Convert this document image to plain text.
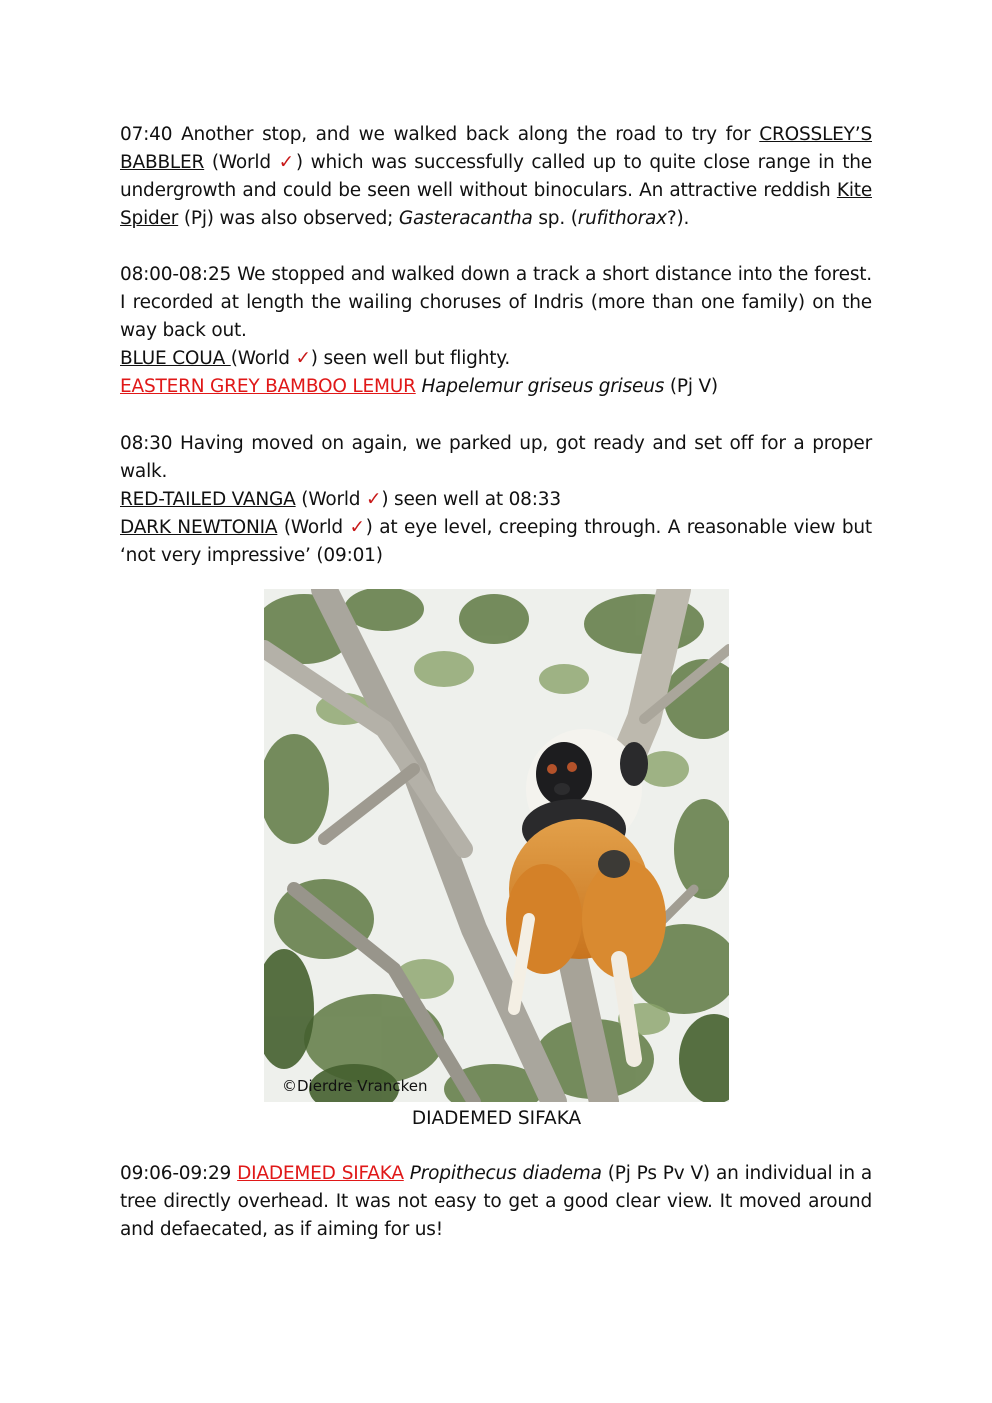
07:40 Another stop, and we walked back along the road to try for CROSSLEY’S BABBLER (World ✓) which was successfully called up to quite close range in the undergrowth and could be seen well without binoculars. An attractive reddish Kite Spider (Pj) was also observed; Gasteracantha sp. (rufithorax?).

08:00-08:25 We stopped and walked down a track a short distance into the forest. I recorded at length the wailing choruses of Indris (more than one family) on the way back out.

BLUE COUA (World ✓) seen well but flighty.

EASTERN GREY BAMBOO LEMUR Hapelemur griseus griseus (Pj V)

08:30 Having moved on again, we parked up, got ready and set off for a proper walk.

RED-TAILED VANGA (World ✓) seen well at 08:33

DARK NEWTONIA (World ✓) at eye level, creeping through. A reasonable view but ‘not very impressive’ (09:01)

©Dierdre Vrancken
DIADEMED SIFAKA

09:06-09:29 DIADEMED SIFAKA Propithecus diadema (Pj Ps Pv V) an individual in a tree directly overhead. It was not easy to get a good clear view. It moved around and defaecated, as if aiming for us!
